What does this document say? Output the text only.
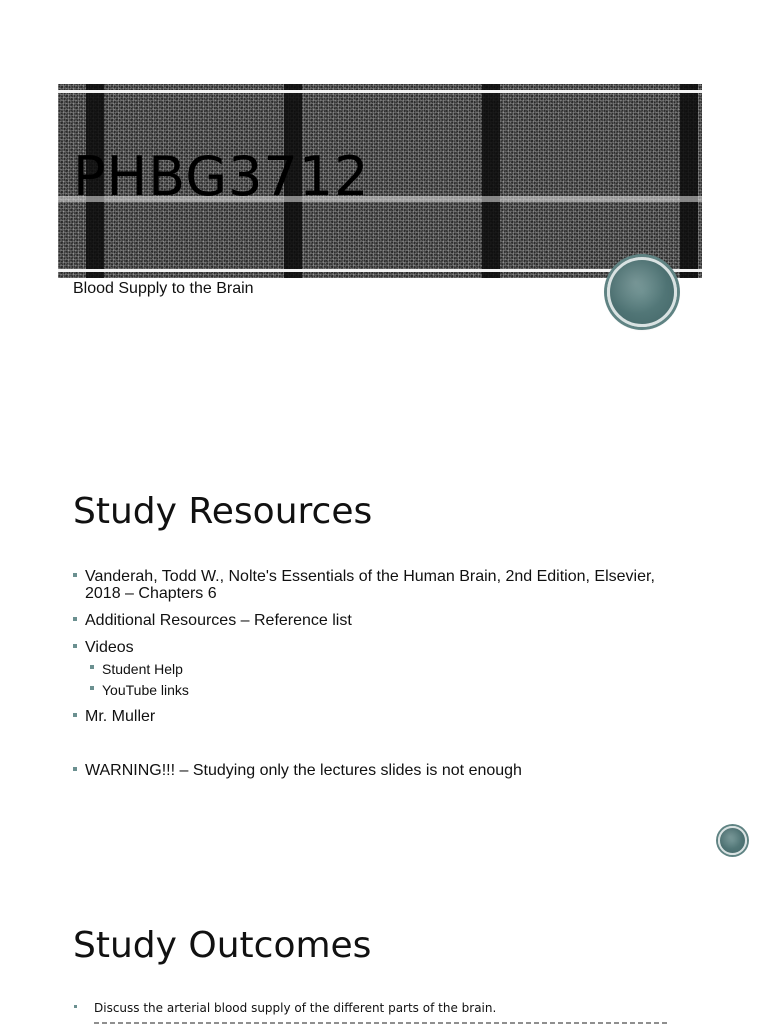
PHBG3712

Blood Supply to the Brain

Study Resources
Vanderah, Todd W., Nolte's Essentials of the Human Brain, 2nd Edition, Elsevier, 2018 – Chapters 6
Additional Resources – Reference list
Videos
Student Help
YouTube links
Mr. Muller
WARNING!!! – Studying only the lectures slides is not enough
Study Outcomes
Discuss the arterial blood supply of the different parts of the brain.
